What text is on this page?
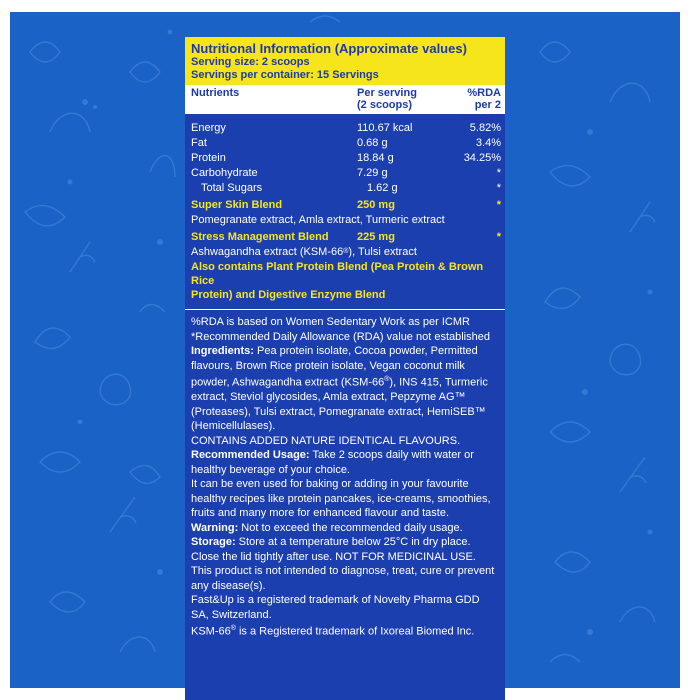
Nutritional Information (Approximate values)
Serving size: 2 scoops
Servings per container: 15 Servings
Nutrients	Per serving
(2 scoops)
%RDA
per 2 scoops
Energy	110.67 kcal	5.82%
Fat	0.68 g	3.4%
Protein	18.84 g	34.25%
Carbohydrate	7.29 g	*
Total Sugars	1.62 g	*
Super Skin Blend	250 mg	*
Pomegranate extract, Amla extract, Turmeric extract
Stress Management Blend	225 mg	*
Ashwagandha extract (KSM-66 ® ), Tulsi extract
Also contains Plant Protein Blend (Pea Protein & Brown Rice
Protein) and Digestive Enzyme Blend

%RDA is based on Women Sedentary Work as per ICMR

*Recommended Daily Allowance (RDA) value not established

Ingredients: Pea protein isolate, Cocoa powder, Permitted flavours, Brown Rice protein isolate, Vegan coconut milk powder, Ashwagandha extract (KSM-66®), INS 415, Turmeric extract, Steviol glycosides, Amla extract, Pepzyme AG™ (Proteases), Tulsi extract, Pomegranate extract, HemiSEB™ (Hemicellulases).

CONTAINS ADDED NATURE IDENTICAL FLAVOURS.

Recommended Usage: Take 2 scoops daily with water or healthy beverage of your choice.

It can be even used for baking or adding in your favourite healthy recipes like protein pancakes, ice-creams, smoothies, fruits and many more for enhanced flavour and taste.

Warning: Not to exceed the recommended daily usage.

Storage: Store at a temperature below 25°C in dry place. Close the lid tightly after use. NOT FOR MEDICINAL USE.

This product is not intended to diagnose, treat, cure or prevent any disease(s).

Fast&Up is a registered trademark of Novelty Pharma GDD SA, Switzerland.

KSM-66® is a Registered trademark of Ixoreal Biomed Inc.
